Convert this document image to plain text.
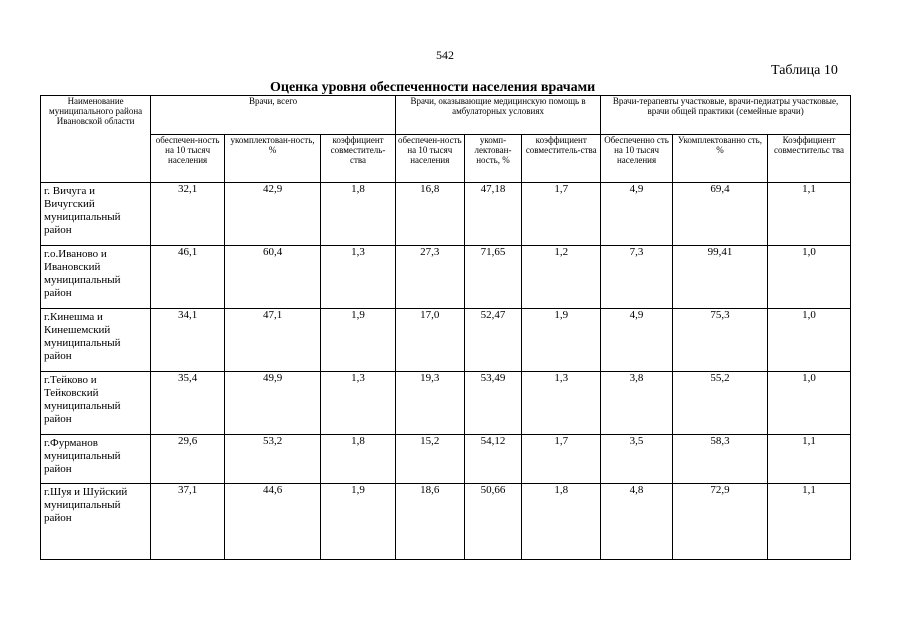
542
Таблица 10
Оценка уровня обеспеченности населения врачами
Наименование муниципального района Ивановской области	Врачи, всего			Врачи, оказывающие медицинскую помощь в амбулаторных условиях			Врачи-терапевты участковые, врачи-педиатры участковые, врачи общей практики (семейные врачи)		
	обеспечен-ность на 10 тысяч населения	укомплектован-ность, %	коэффициент совместитель-ства	обеспечен-ность на 10 тысяч населения	укомп-лектован-ность, %	коэффициент совместитель-ства	Обеспеченно сть на 10 тысяч населения	Укомплектованно сть, %	Коэффициент совместительс тва
г. Вичуга и Вичугский муниципальный район	32,1	42,9	1,8	16,8	47,18	1,7	4,9	69,4	1,1
г.о.Иваново и Ивановский муниципальный район	46,1	60,4	1,3	27,3	71,65	1,2	7,3	99,41	1,0
г.Кинешма и Кинешемский муниципальный район	34,1	47,1	1,9	17,0	52,47	1,9	4,9	75,3	1,0
г.Тейково и Тейковский муниципальный район	35,4	49,9	1,3	19,3	53,49	1,3	3,8	55,2	1,0
г.Фурманов муниципальный район	29,6	53,2	1,8	15,2	54,12	1,7	3,5	58,3	1,1
г.Шуя и Шуйский муниципальный район	37,1	44,6	1,9	18,6	50,66	1,8	4,8	72,9	1,1
